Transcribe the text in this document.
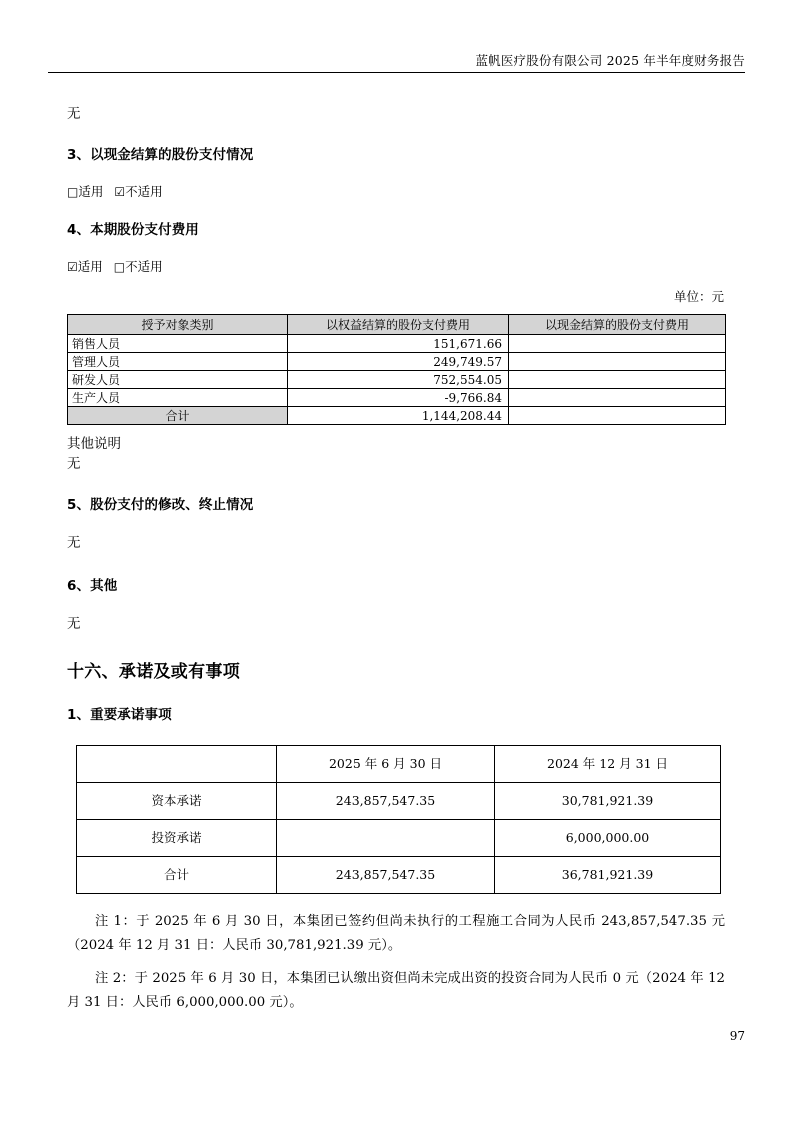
蓝帆医疗股份有限公司 2025 年半年度财务报告

无

3、以现金结算的股份支付情况
□适用 ☑不适用
4、本期股份支付费用
☑适用 □不适用
单位：元
授予对象类别	以权益结算的股份支付费用	以现金结算的股份支付费用
销售人员	151,671.66	
管理人员	249,749.57	
研发人员	752,554.05	
生产人员	-9,766.84	
合计	1,144,208.44	

其他说明

无

5、股份支付的修改、终止情况

无

6、其他

无

十六、承诺及或有事项
1、重要承诺事项
	2025 年 6 月 30 日	2024 年 12 月 31 日
资本承诺	243,857,547.35	30,781,921.39
投资承诺		6,000,000.00
合计	243,857,547.35	36,781,921.39

注 1：于 2025 年 6 月 30 日，本集团已签约但尚未执行的工程施工合同为人民币 243,857,547.35 元（2024 年 12 月 31 日：人民币 30,781,921.39 元）。

注 2：于 2025 年 6 月 30 日，本集团已认缴出资但尚未完成出资的投资合同为人民币 0 元（2024 年 12 月 31 日：人民币 6,000,000.00 元）。

97
